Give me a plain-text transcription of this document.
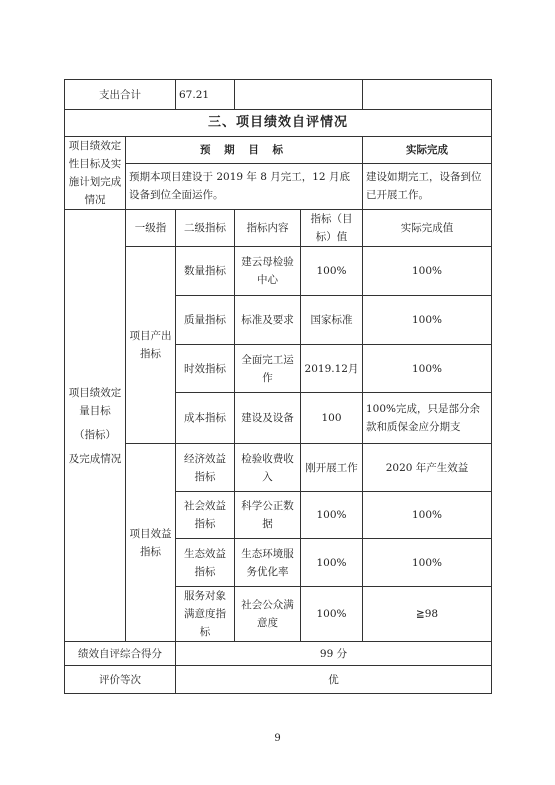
支出合计		67.21			
三、项目绩效自评情况					
项目绩效定性目标及实施计划完成情况	预 期 目 标				实际完成
	预期本项目建设于 2019 年 8 月完工，12 月底设备到位全面运作。				建设如期完工，设备到位已开展工作。

项目绩效定量目标
（指标）
及完成情况	一级指	二级指标	指标内容	指标（目标）值	实际完成值
	项目产出指标	数量指标	建云母检验中心	100%	100%
		质量指标	标准及要求	国家标准	100%
		时效指标	全面完工运作	2019.12月	100%
		成本指标	建设及设备	100	100%完成，只是部分余款和质保金应分期支
	项目效益指标	经济效益指标	检验收费收入	刚开展工作	2020 年产生效益
		社会效益指标	科学公正数据	100%	100%
		生态效益指标	生态环境服务优化率	100%	100%
		服务对象满意度指标	社会公众满意度	100%	≧98
绩效自评综合得分		99 分			
评价等次		优			
9
